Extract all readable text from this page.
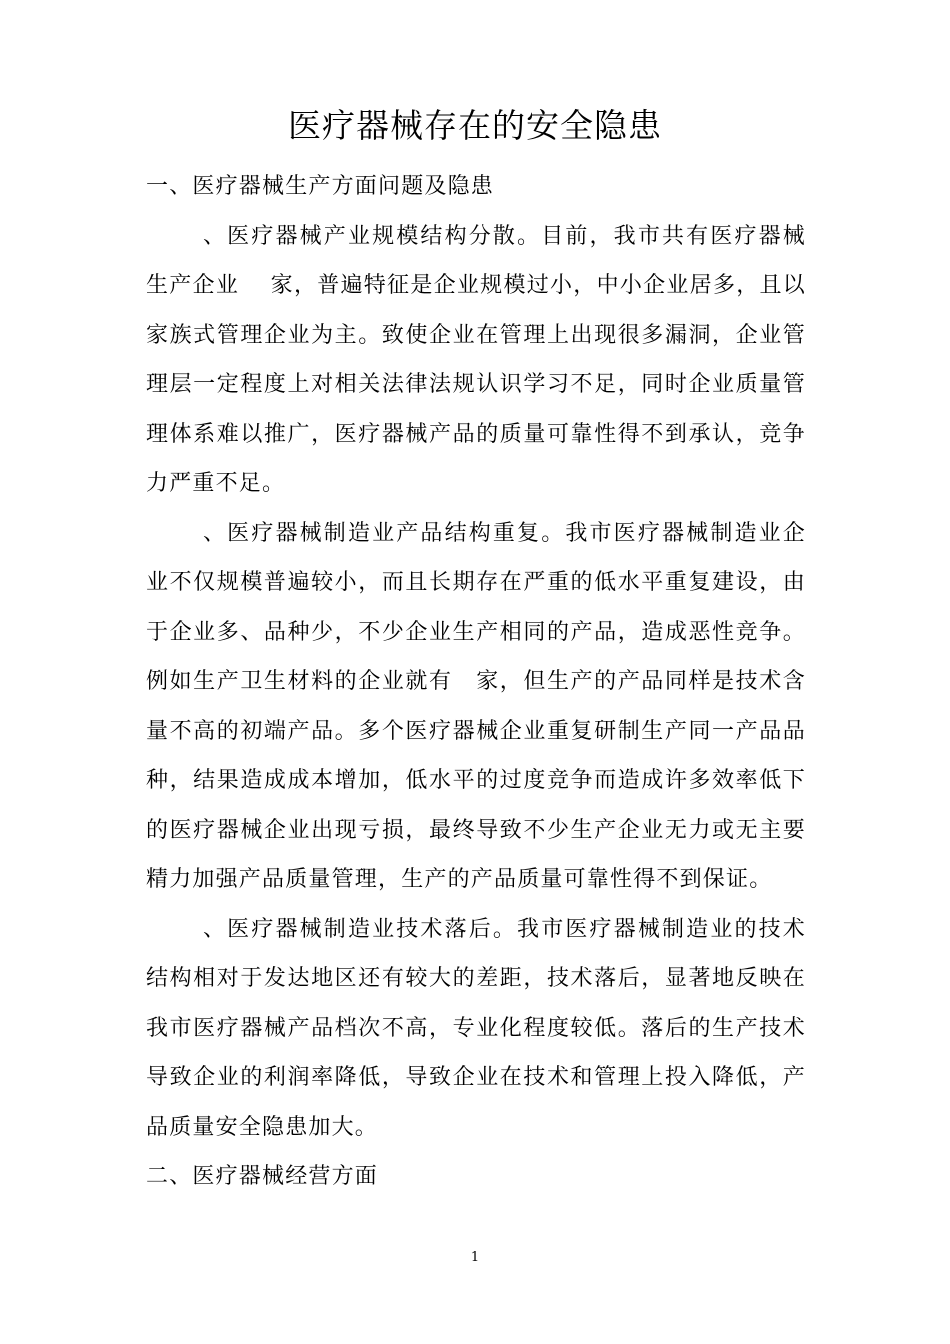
医疗器械存在的安全隐患

一、医疗器械生产方面问题及隐患

、医疗器械产业规模结构分散。目前，我市共有医疗器械生产企业　 家，普遍特征是企业规模过小，中小企业居多，且以家族式管理企业为主。致使企业在管理上出现很多漏洞，企业管理层一定程度上对相关法律法规认识学习不足，同时企业质量管理体系难以推广，医疗器械产品的质量可靠性得不到承认，竞争力严重不足。

、医疗器械制造业产品结构重复。我市医疗器械制造业企业不仅规模普遍较小，而且长期存在严重的低水平重复建设，由于企业多、品种少，不少企业生产相同的产品，造成恶性竞争。例如生产卫生材料的企业就有　家，但生产的产品同样是技术含量不高的初端产品。多个医疗器械企业重复研制生产同一产品品种，结果造成成本增加，低水平的过度竞争而造成许多效率低下的医疗器械企业出现亏损，最终导致不少生产企业无力或无主要精力加强产品质量管理，生产的产品质量可靠性得不到保证。

、医疗器械制造业技术落后。我市医疗器械制造业的技术结构相对于发达地区还有较大的差距，技术落后，显著地反映在我市医疗器械产品档次不高，专业化程度较低。落后的生产技术导致企业的利润率降低，导致企业在技术和管理上投入降低，产品质量安全隐患加大。

二、医疗器械经营方面

1
